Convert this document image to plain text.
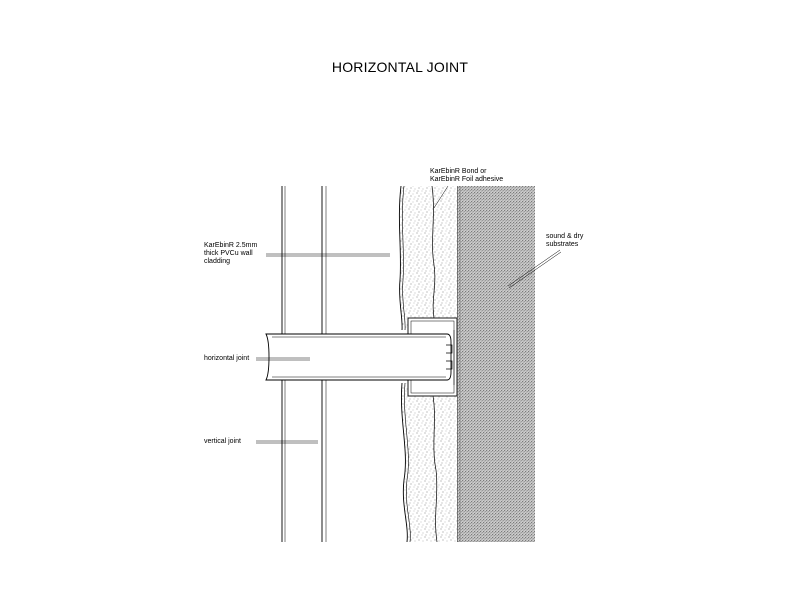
HORIZONTAL JOINT
KarEbinR Bond or
KarEbinR Foil adhesive
KarEbinR 2.5mm
thick PVCu wall
cladding
sound & dry
substrates
horizontal joint
vertical joint
